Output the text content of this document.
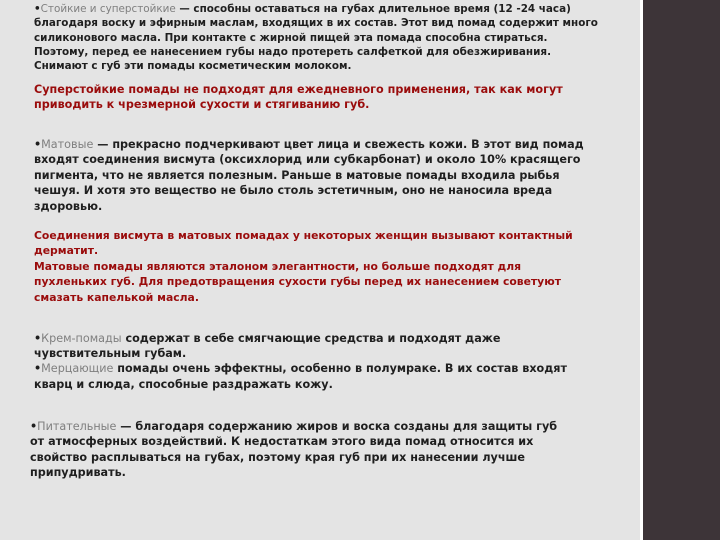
•Стойкие и суперстойкие — способны оставаться на губах длительное время (12 -24 часа)
благодаря воску и эфирным маслам, входящих в их состав. Этот вид помад содержит много
силиконового масла. При контакте с жирной пищей эта помада способна стираться.
Поэтому, перед ее нанесением губы надо протереть салфеткой для обезжиривания.
Снимают с губ эти помады косметическим молоком.

Суперстойкие помады не подходят для ежедневного применения, так как могут
приводить к чрезмерной сухости и стягиванию губ.

•Матовые — прекрасно подчеркивают цвет лица и свежесть кожи. В этот вид помад
входят соединения висмута (оксихлорид или субкарбонат) и около 10% красящего
пигмента, что не является полезным. Раньше в матовые помады входила рыбья
чешуя. И хотя это вещество не было столь эстетичным, оно не наносила вреда
здоровью.

Соединения висмута в матовых помадах у некоторых женщин вызывают контактный
дерматит.
Матовые помады являются эталоном элегантности, но больше подходят для
пухленьких губ. Для предотвращения сухости губы перед их нанесением советуют
смазать капелькой масла.

•Крем-помады содержат в себе смягчающие средства и подходят даже
чувствительным губам.
•Мерцающие помады очень эффектны, особенно в полумраке. В их состав входят
кварц и слюда, способные раздражать кожу.

•Питательные — благодаря содержанию жиров и воска созданы для защиты губ
от атмосферных воздействий. К недостаткам этого вида помад относится их
свойство расплываться на губах, поэтому края губ при их нанесении лучше
припудривать.
